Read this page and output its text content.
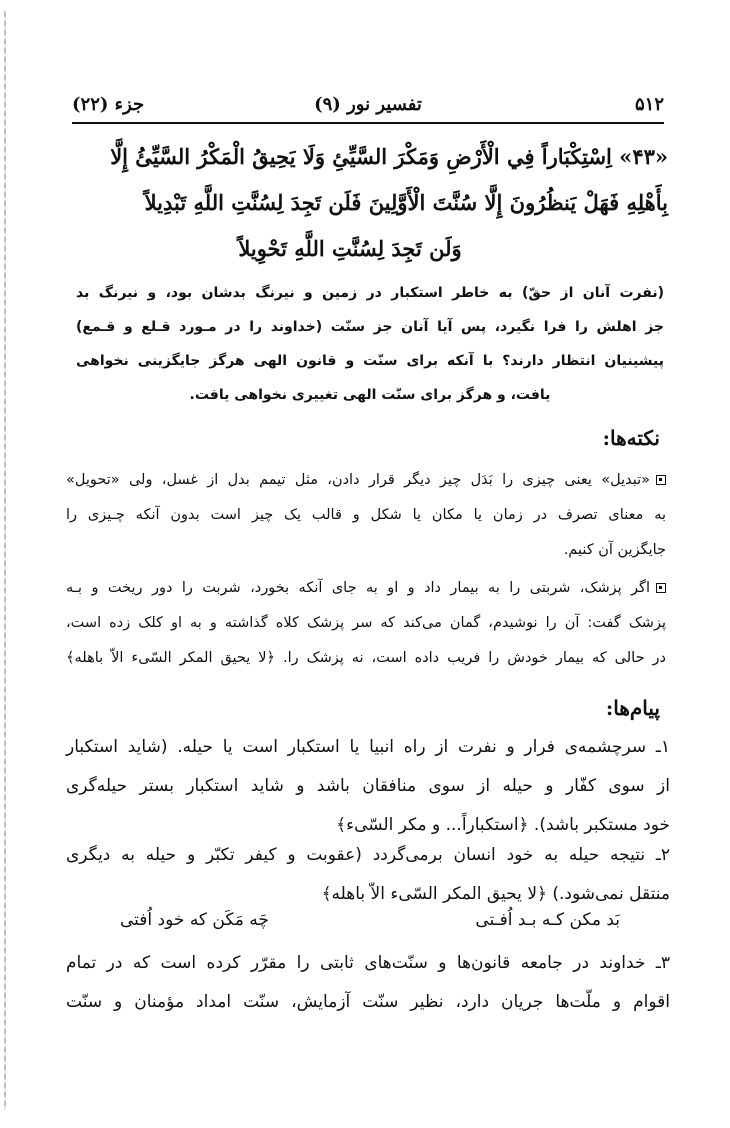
۵۱۲
تفسیر نور (۹)
جزء (۲۲)
«۴۳» اِسْتِكْبَاراً فِي الْأَرْضِ وَمَكْرَ السَّيِّئِ وَلَا يَحِيقُ الْمَكْرُ السَّيِّئُ إِلَّا
بِأَهْلِهِ فَهَلْ يَنظُرُونَ إِلَّا سُنَّتَ الْأَوَّلِينَ فَلَن تَجِدَ لِسُنَّتِ اللَّهِ تَبْدِيلاً
وَلَن تَجِدَ لِسُنَّتِ اللَّهِ تَحْوِيلاً
(نفرت آنان از حقّ) به خاطر استکبار در زمین و نیرنگ بدشان بود، و نیرنگ بد
جز اهلش را فرا نگیرد، پس آیا آنان جز سنّت (خداوند را در مـورد قـلع و قـمع)
پیشینیان انتظار دارند؟ با آنكه برای سنّت و قانون الهی هرگز جایگزینی نخواهی
یافت، و هرگز برای سنّت الهی تغییری نخواهی یافت.
نکته‌ها:
«تبدیل» یعنی چیزی را بَدَل چیز دیگر قرار دادن، مثل تیمم بدل از غسل، ولی «تحویل»
به معنای تصرف در زمان یا مکان یا شکل و قالب یک چیز است بدون آنکه چـیزی را
جایگزین آن کنیم.
اگر پزشک، شربتی را به بیمار داد و او به جای آنکه بخورد، شربت را دور ریخت و بـه
پزشک گفت: آن را نوشیدم، گمان می‌کند که سر پزشک کلاه گذاشته و به او کلک زده است،
در حالی که بیمار خودش را فریب داده است، نه پزشک را. ﴿لا یحیق المکر السّیء الاّ باهله﴾
پیام‌ها:
۱ـ سرچشمه‌ی فرار و نفرت از راه انبیا یا استکبار است یا حیله. (شاید استکبار
از سوی کفّار و حیله از سوی منافقان باشد و شاید استکبار بستر حیله‌گری
خود مستکبر باشد). ﴿استکباراً... و مکر السّیء﴾
۲ـ نتیجه حیله به خود انسان برمی‌گردد (عقوبت و کیفر تکبّر و حیله به دیگری
منتقل نمی‌شود.) ﴿لا یحیق المکر السّیء الاّ باهله﴾
بَد مکن کـه بـد اُفـتی
چَه مَکَن که خود اُفتی
۳ـ خداوند در جامعه قانون‌ها و سنّت‌های ثابتی را مقرّر کرده است که در تمام
اقوام و ملّت‌ها جریان دارد، نظیر سنّت آزمایش، سنّت امداد مؤمنان و سنّت
